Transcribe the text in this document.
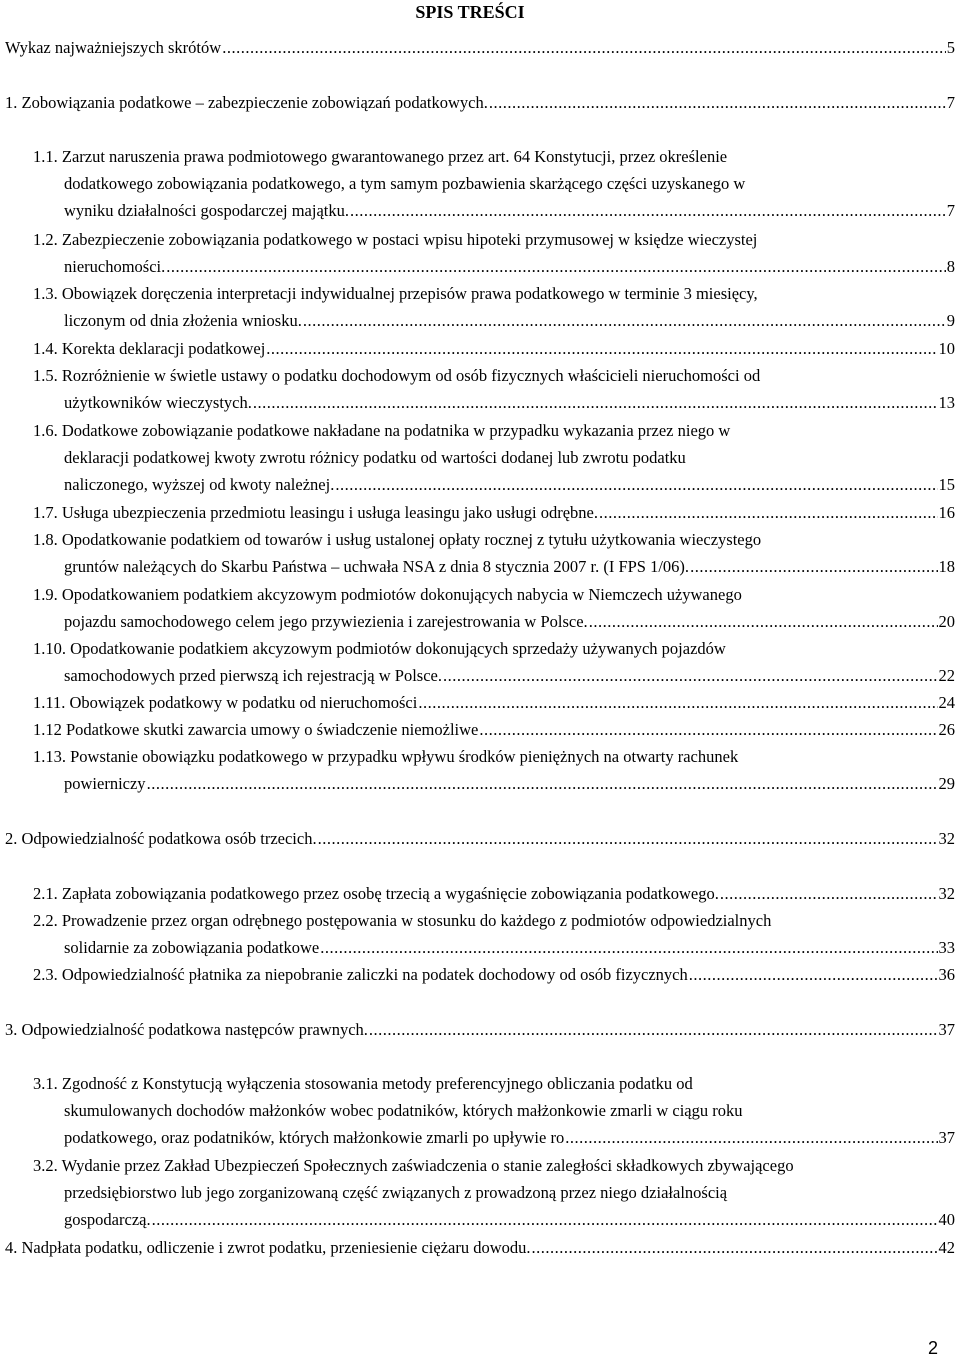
SPIS TREŚCI
Wykaz najważniejszych skrótów .....	5
1. Zobowiązania podatkowe – zabezpieczenie zobowiązań podatkowych. .....	7
1.1. Zarzut naruszenia prawa podmiotowego gwarantowanego przez art. 64 Konstytucji, przez określenie
dodatkowego zobowiązania podatkowego, a tym samym pozbawienia skarżącego części uzyskanego w
wyniku działalności gospodarczej majątku. .....	7
1.2. Zabezpieczenie zobowiązania podatkowego w postaci wpisu hipoteki przymusowej w księdze wieczystej
nieruchomości. .....	8
1.3. Obowiązek doręczenia interpretacji indywidualnej przepisów prawa podatkowego w terminie 3 miesięcy,
liczonym od dnia złożenia wniosku. .....	9
1.4. Korekta deklaracji podatkowej .....	10
1.5. Rozróżnienie w świetle ustawy o podatku dochodowym od osób fizycznych właścicieli nieruchomości od
użytkowników wieczystych. .....	13
1.6. Dodatkowe zobowiązanie podatkowe nakładane na podatnika w przypadku wykazania przez niego w
deklaracji podatkowej kwoty zwrotu różnicy podatku od wartości dodanej lub zwrotu podatku
naliczonego, wyższej od kwoty należnej. .....	15
1.7. Usługa ubezpieczenia przedmiotu leasingu i usługa leasingu jako usługi odrębne. .....	16
1.8. Opodatkowanie podatkiem od towarów i usług ustalonej opłaty rocznej z tytułu użytkowania wieczystego
gruntów należących do Skarbu Państwa – uchwała NSA z dnia 8 stycznia 2007 r. (I FPS 1/06). .....	18
1.9. Opodatkowaniem podatkiem akcyzowym podmiotów dokonujących nabycia w Niemczech używanego
pojazdu samochodowego celem jego przywiezienia i zarejestrowania w Polsce. .....	20
1.10. Opodatkowanie podatkiem akcyzowym podmiotów dokonujących sprzedaży używanych pojazdów
samochodowych przed pierwszą ich rejestracją w Polsce. .....	22
1.11. Obowiązek podatkowy w podatku od nieruchomości .....	24
1.12 Podatkowe skutki zawarcia umowy o świadczenie niemożliwe .....	26
1.13. Powstanie obowiązku podatkowego w przypadku wpływu środków pieniężnych na otwarty rachunek
powierniczy .....	29
2. Odpowiedzialność podatkowa osób trzecich. .....	32
2.1. Zapłata zobowiązania podatkowego przez osobę trzecią a wygaśnięcie zobowiązania podatkowego. .....	32
2.2. Prowadzenie przez organ odrębnego postępowania w stosunku do każdego z podmiotów odpowiedzialnych
solidarnie za zobowiązania podatkowe .....	33
2.3. Odpowiedzialność płatnika za niepobranie zaliczki na podatek dochodowy od osób fizycznych .....	36
3. Odpowiedzialność podatkowa następców prawnych. .....	37
3.1. Zgodność z Konstytucją wyłączenia stosowania metody preferencyjnego obliczania podatku od
skumulowanych dochodów małżonków wobec podatników, których małżonkowie zmarli w ciągu roku
podatkowego, oraz podatników, których małżonkowie zmarli po upływie ro .....	37
3.2. Wydanie przez Zakład Ubezpieczeń Społecznych zaświadczenia o stanie zaległości składkowych zbywającego
przedsiębiorstwo lub jego zorganizowaną część związanych z prowadzoną przez niego działalnością
gospodarczą. .....	40
4. Nadpłata podatku, odliczenie i zwrot podatku, przeniesienie ciężaru dowodu. .....	42
2
